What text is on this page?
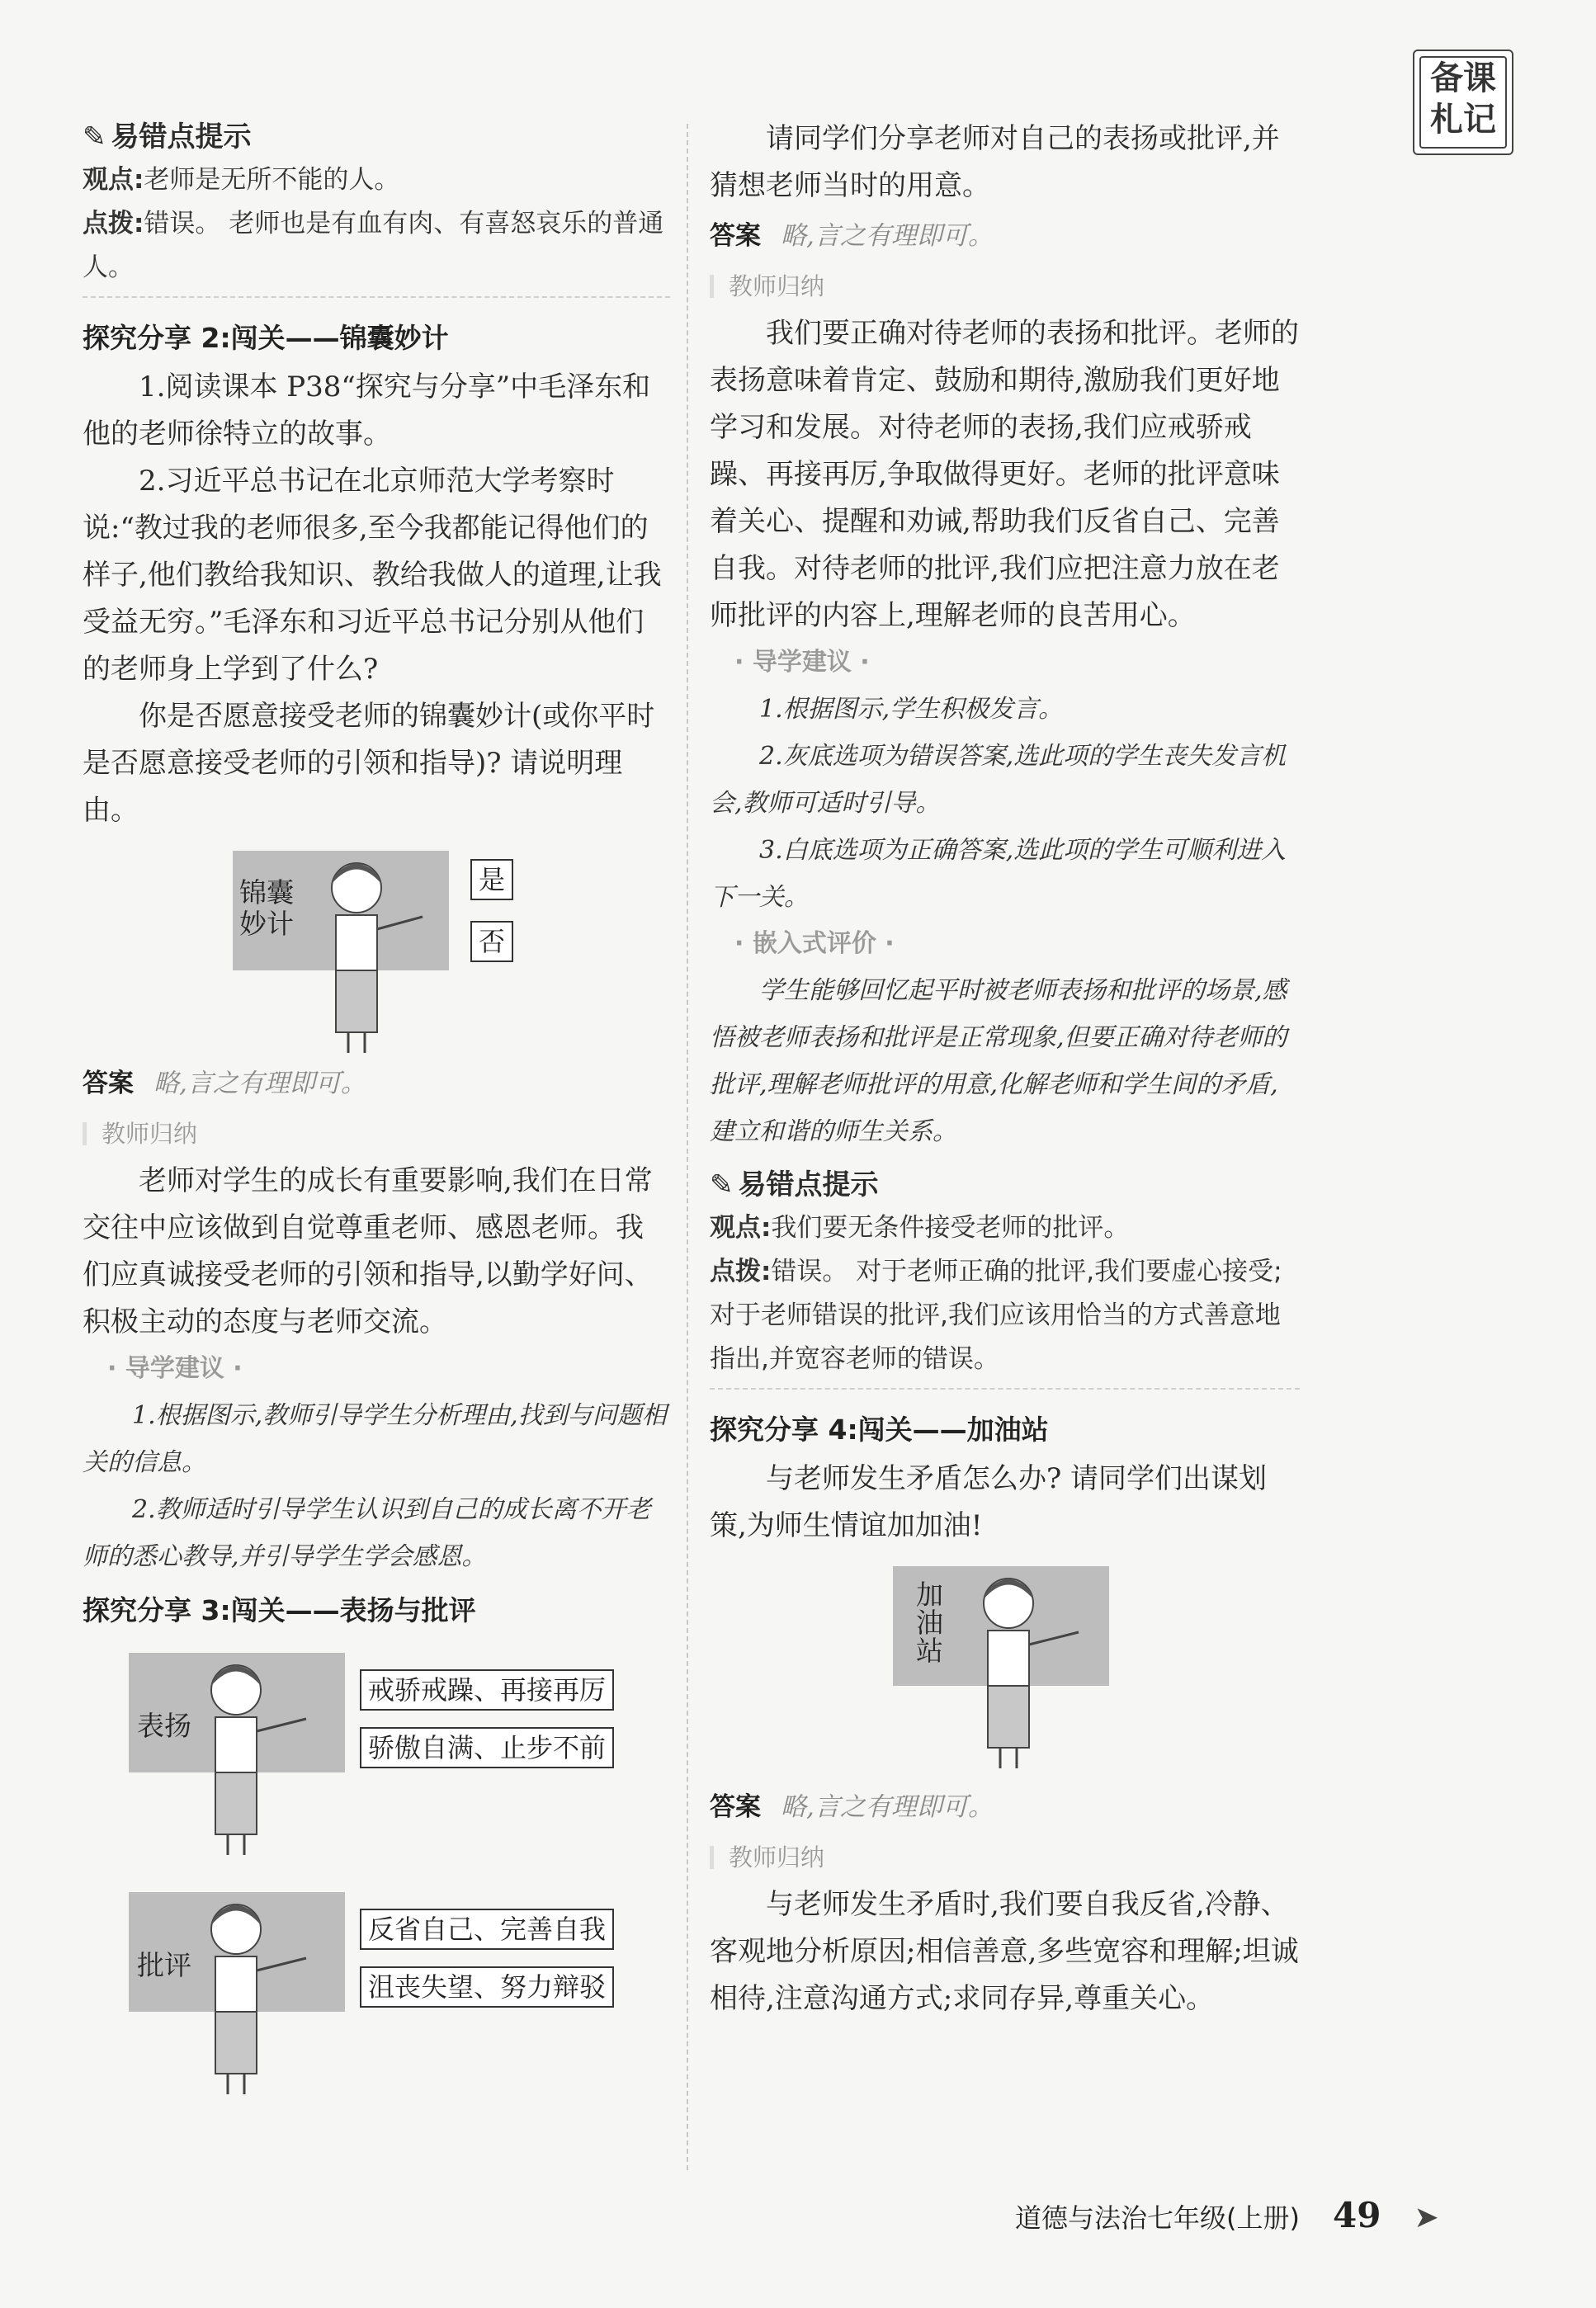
备课
札记
✎ 易错点提示

观点:老师是无所不能的人。

点拨:错误。 老师也是有血有肉、有喜怒哀乐的普通人。

探究分享 2:闯关——锦囊妙计

1.阅读课本 P38“探究与分享”中毛泽东和他的老师徐特立的故事。

2.习近平总书记在北京师范大学考察时说:“教过我的老师很多,至今我都能记得他们的样子,他们教给我知识、教给我做人的道理,让我受益无穷。”毛泽东和习近平总书记分别从他们的老师身上学到了什么?

你是否愿意接受老师的锦囊妙计(或你平时是否愿意接受老师的引领和指导)? 请说明理由。

锦囊妙计
是
否

答案 略,言之有理即可。

教师归纳

老师对学生的成长有重要影响,我们在日常交往中应该做到自觉尊重老师、感恩老师。我们应真诚接受老师的引领和指导,以勤学好问、积极主动的态度与老师交流。

· 导学建议 ·

1.根据图示,教师引导学生分析理由,找到与问题相关的信息。

2.教师适时引导学生认识到自己的成长离不开老师的悉心教导,并引导学生学会感恩。

探究分享 3:闯关——表扬与批评
表扬
戒骄戒躁、再接再厉
骄傲自满、止步不前
批评
反省自己、完善自我
沮丧失望、努力辩驳

请同学们分享老师对自己的表扬或批评,并猜想老师当时的用意。

答案 略,言之有理即可。

教师归纳

我们要正确对待老师的表扬和批评。老师的表扬意味着肯定、鼓励和期待,激励我们更好地学习和发展。对待老师的表扬,我们应戒骄戒躁、再接再厉,争取做得更好。老师的批评意味着关心、提醒和劝诫,帮助我们反省自己、完善自我。对待老师的批评,我们应把注意力放在老师批评的内容上,理解老师的良苦用心。

· 导学建议 ·

1.根据图示,学生积极发言。

2.灰底选项为错误答案,选此项的学生丧失发言机会,教师可适时引导。

3.白底选项为正确答案,选此项的学生可顺利进入下一关。

· 嵌入式评价 ·

学生能够回忆起平时被老师表扬和批评的场景,感悟被老师表扬和批评是正常现象,但要正确对待老师的批评,理解老师批评的用意,化解老师和学生间的矛盾,建立和谐的师生关系。

✎ 易错点提示

观点:我们要无条件接受老师的批评。

点拨:错误。 对于老师正确的批评,我们要虚心接受;对于老师错误的批评,我们应该用恰当的方式善意地指出,并宽容老师的错误。

探究分享 4:闯关——加油站

与老师发生矛盾怎么办? 请同学们出谋划策,为师生情谊加加油!

加油站

答案 略,言之有理即可。

教师归纳

与老师发生矛盾时,我们要自我反省,冷静、客观地分析原因;相信善意,多些宽容和理解;坦诚相待,注意沟通方式;求同存异,尊重关心。

道德与法治七年级(上册) 49 ➤
